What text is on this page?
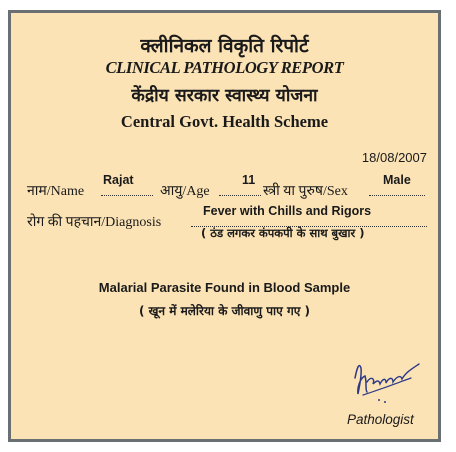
क्लीनिकल विकृति रिपोर्ट
CLINICAL PATHOLOGY REPORT
केंद्रीय सरकार स्वास्थ्य योजना
Central Govt. Health Scheme
18/08/2007
नाम/Name
Rajat
आयु/Age
11
स्त्री या पुरुष/Sex
Male
रोग की पहचान/Diagnosis
Fever with Chills and Rigors
( ठंड लगकर कंपकपी के साथ बुखार )
Malarial Parasite Found in Blood Sample
( खून में मलेरिया के जीवाणु पाए गए )
Pathologist
